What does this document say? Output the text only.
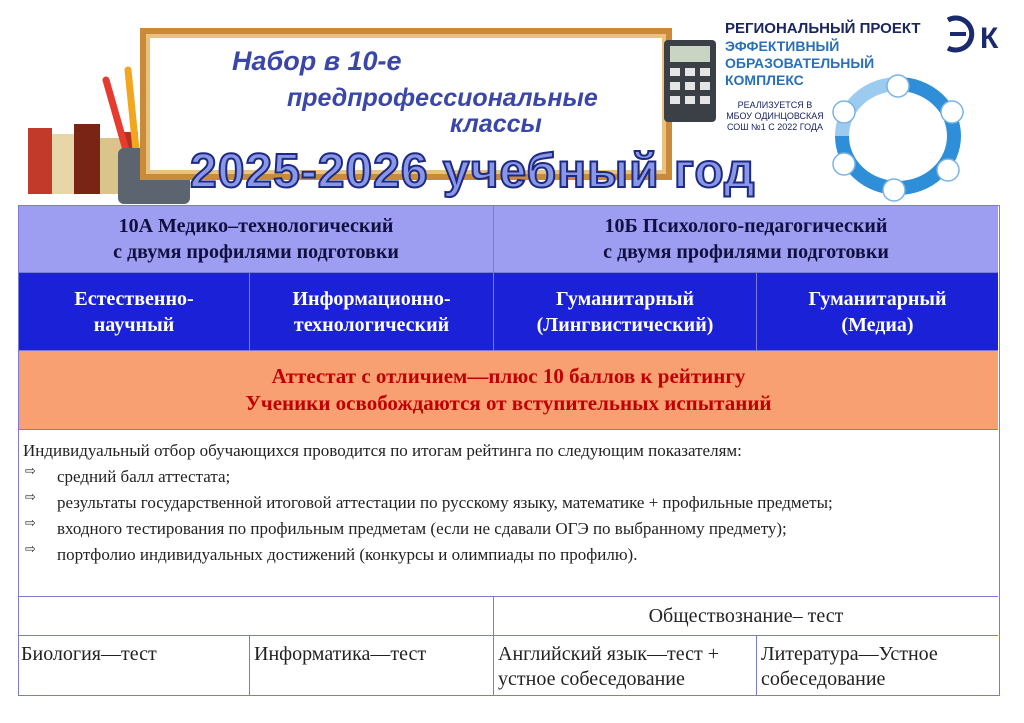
Набор в 10-е
предпрофессиональные
классы
2025-2026 учебный год
РЕГИОНАЛЬНЫЙ ПРОЕКТ
ЭФФЕКТИВНЫЙ
ОБРАЗОВАТЕЛЬНЫЙ
КОМПЛЕКС
РЕАЛИЗУЕТСЯ В МБОУ ОДИНЦОВСКАЯ СОШ №1 С 2022 ГОДА
К
10А Медико–технологический
с двумя профилями подготовки
10Б Психолого-педагогический
с двумя профилями подготовки
Естественно-
научный
Информационно-
технологический
Гуманитарный
(Лингвистический)
Гуманитарный
(Медиа)
Аттестат с отличием—плюс 10 баллов к рейтингу
Ученики освобождаются от вступительных испытаний
Индивидуальный отбор обучающихся проводится по итогам рейтинга по следующим показателям:
⇨ средний балл аттестата;
⇨ результаты государственной итоговой аттестации по русскому языку, математике + профильные предметы;
⇨ входного тестирования по профильным предметам (если не сдавали ОГЭ по выбранному предмету);
⇨ портфолио индивидуальных достижений (конкурсы и олимпиады по профилю).
Обществознание– тест
Биология—тест	Информатика—тест	Английский язык—тест + устное собеседование
Литература—Устное собеседование
